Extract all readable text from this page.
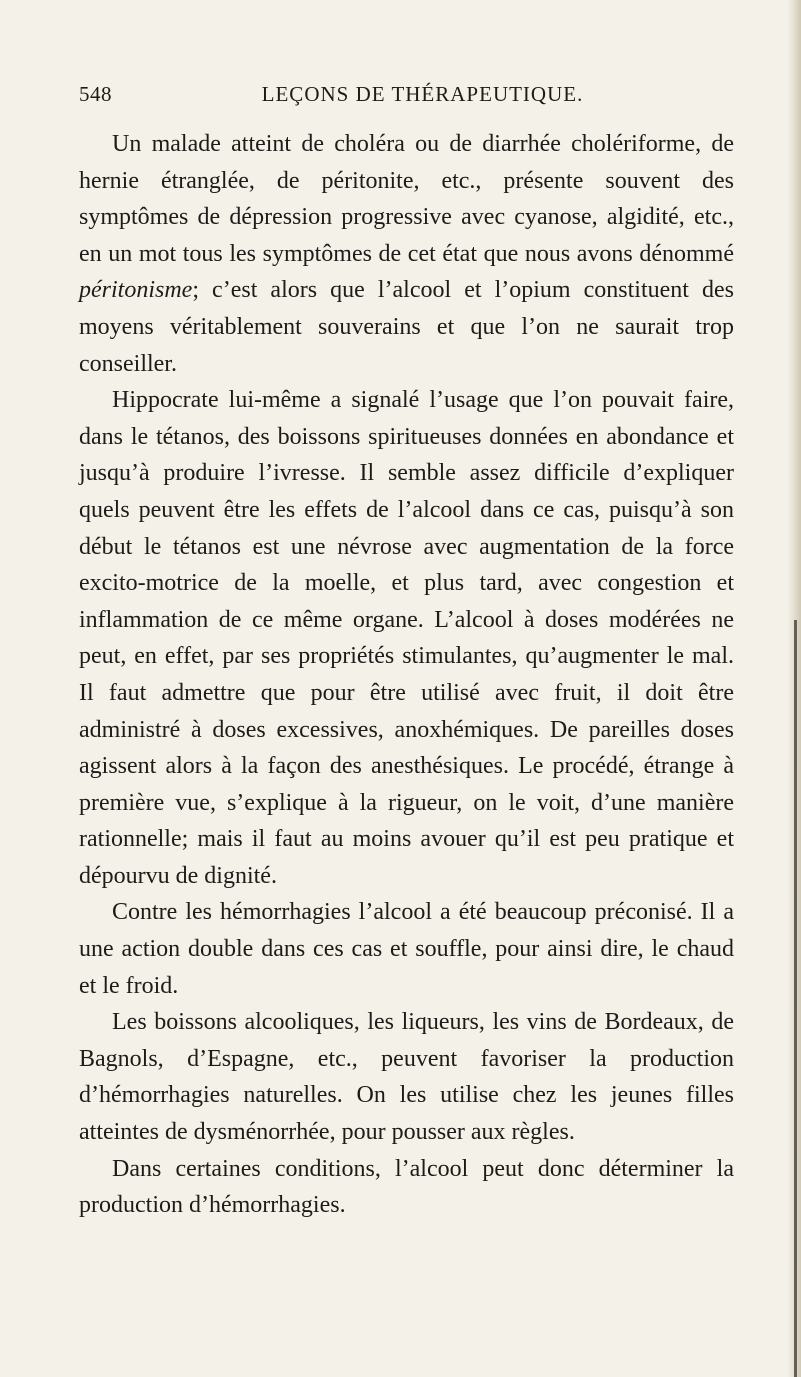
548	LEÇONS DE THÉRAPEUTIQUE.

Un malade atteint de choléra ou de diarrhée cholériforme, de hernie étranglée, de péritonite, etc., présente souvent des symptômes de dépression progressive avec cyanose, algidité, etc., en un mot tous les symptômes de cet état que nous avons dénommé péritonisme; c’est alors que l’alcool et l’opium constituent des moyens véritablement souverains et que l’on ne saurait trop conseiller.

Hippocrate lui-même a signalé l’usage que l’on pouvait faire, dans le tétanos, des boissons spiritueuses données en abondance et jusqu’à produire l’ivresse. Il semble assez difficile d’expliquer quels peuvent être les effets de l’alcool dans ce cas, puisqu’à son début le tétanos est une névrose avec augmentation de la force excito-motrice de la moelle, et plus tard, avec congestion et inflammation de ce même organe. L’alcool à doses modérées ne peut, en effet, par ses propriétés stimulantes, qu’augmenter le mal. Il faut admettre que pour être utilisé avec fruit, il doit être administré à doses excessives, anoxhémiques. De pareilles doses agissent alors à la façon des anesthésiques. Le procédé, étrange à première vue, s’explique à la rigueur, on le voit, d’une manière rationnelle; mais il faut au moins avouer qu’il est peu pratique et dépourvu de dignité.

Contre les hémorrhagies l’alcool a été beaucoup préconisé. Il a une action double dans ces cas et souffle, pour ainsi dire, le chaud et le froid.

Les boissons alcooliques, les liqueurs, les vins de Bordeaux, de Bagnols, d’Espagne, etc., peuvent favoriser la production d’hémorrhagies naturelles. On les utilise chez les jeunes filles atteintes de dysménorrhée, pour pousser aux règles.

Dans certaines conditions, l’alcool peut donc déterminer la production d’hémorrhagies.
